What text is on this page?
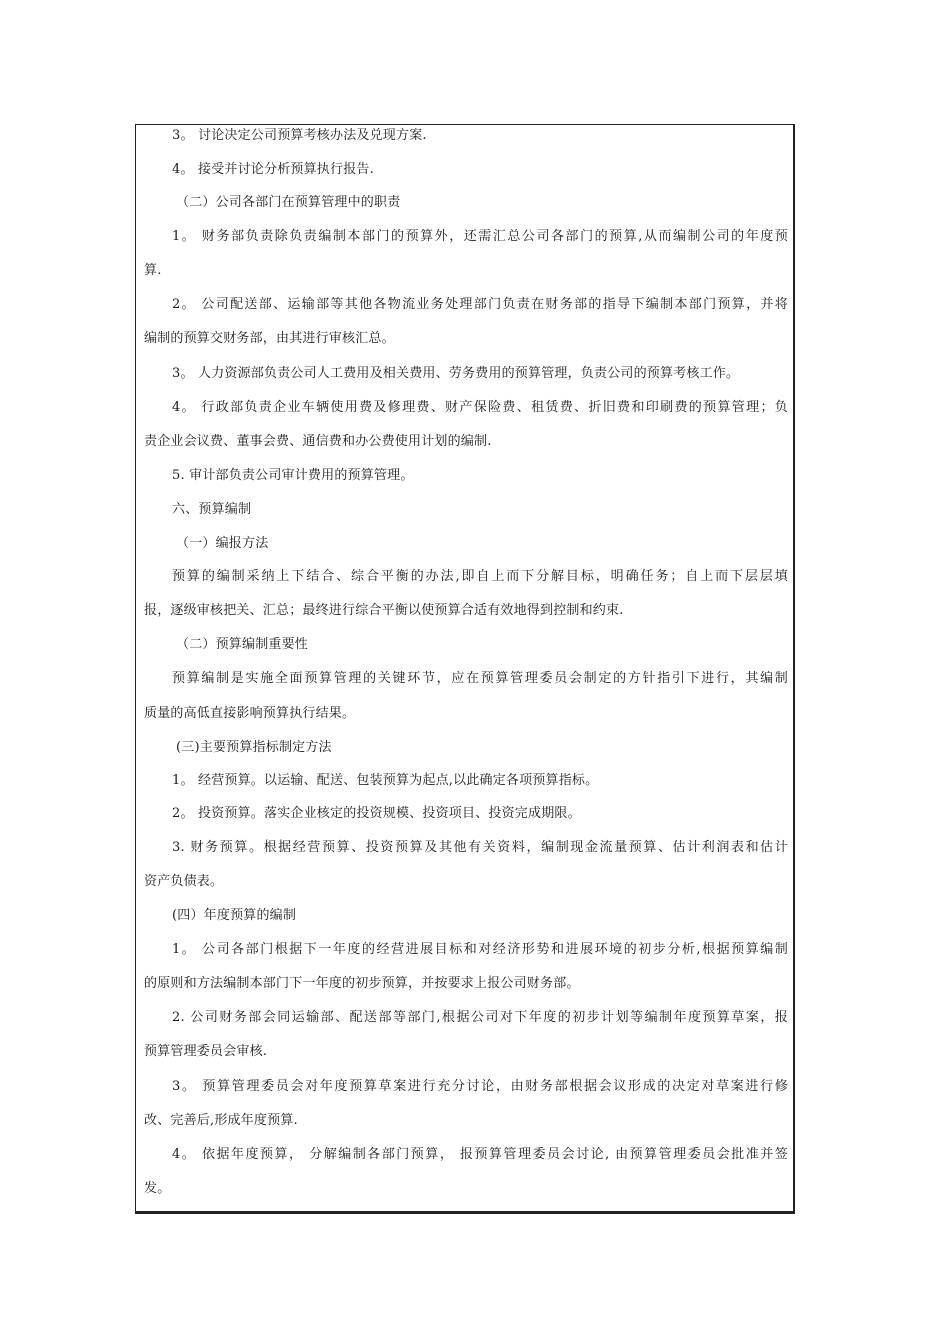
3。 讨论决定公司预算考核办法及兑现方案.
4。 接受并讨论分析预算执行报告.
（二）公司各部门在预算管理中的职责
1。 财务部负责除负责编制本部门的预算外，还需汇总公司各部门的预算,从而编制公司的年度预
算.
2。 公司配送部、运输部等其他各物流业务处理部门负责在财务部的指导下编制本部门预算，并将
编制的预算交财务部，由其进行审核汇总。
3。 人力资源部负责公司人工费用及相关费用、劳务费用的预算管理，负责公司的预算考核工作。
4。 行政部负责企业车辆使用费及修理费、财产保险费、租赁费、折旧费和印刷费的预算管理；负
责企业会议费、董事会费、通信费和办公费使用计划的编制.
5. 审计部负责公司审计费用的预算管理。
六、预算编制
（一）编报方法
预算的编制采纳上下结合、综合平衡的办法,即自上而下分解目标，明确任务；自上而下层层填
报，逐级审核把关、汇总；最终进行综合平衡以使预算合适有效地得到控制和约束.
（二）预算编制重要性
预算编制是实施全面预算管理的关键环节，应在预算管理委员会制定的方针指引下进行，其编制
质量的高低直接影响预算执行结果。
(三)主要预算指标制定方法
1。 经营预算。以运输、配送、包装预算为起点,以此确定各项预算指标。
2。 投资预算。落实企业核定的投资规模、投资项目、投资完成期限。
3. 财务预算。根据经营预算、投资预算及其他有关资料，编制现金流量预算、估计利润表和估计
资产负债表。
(四）年度预算的编制
1。 公司各部门根据下一年度的经营进展目标和对经济形势和进展环境的初步分析,根据预算编制
的原则和方法编制本部门下一年度的初步预算，并按要求上报公司财务部。
2. 公司财务部会同运输部、配送部等部门,根据公司对下年度的初步计划等编制年度预算草案，报
预算管理委员会审核.
3。 预算管理委员会对年度预算草案进行充分讨论，由财务部根据会议形成的决定对草案进行修
改、完善后,形成年度预算.
4。 依据年度预算， 分解编制各部门预算， 报预算管理委员会讨论, 由预算管理委员会批准并签
发。
